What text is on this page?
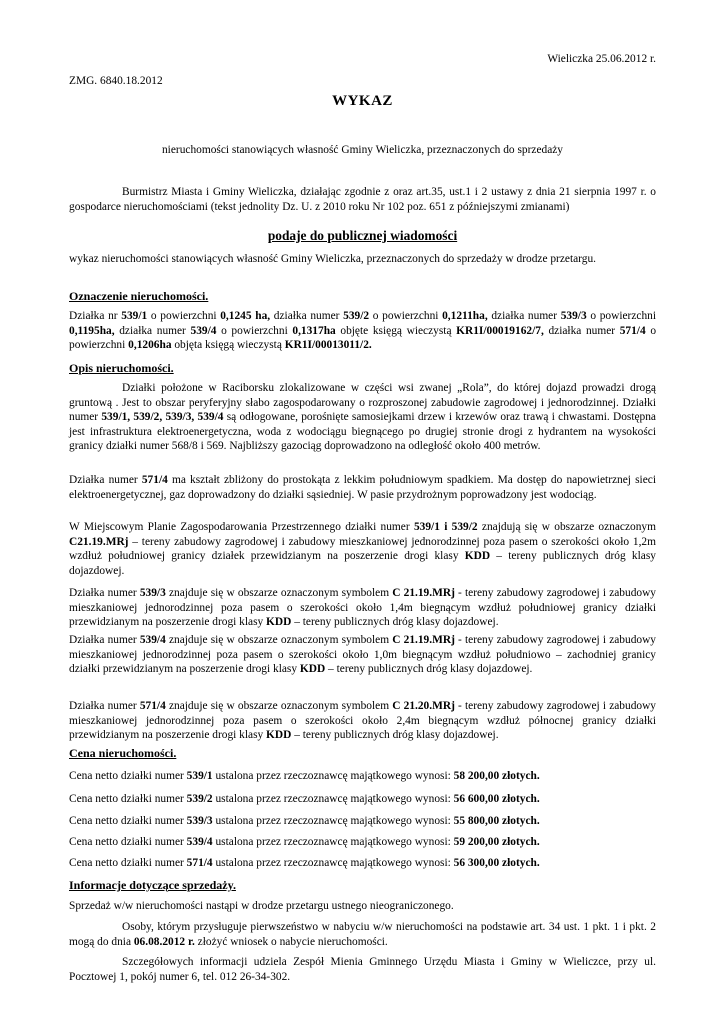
Wieliczka 25.06.2012 r.
ZMG. 6840.18.2012
WYKAZ
nieruchomości stanowiących własność Gminy Wieliczka, przeznaczonych do sprzedaży
Burmistrz Miasta i Gminy Wieliczka, działając zgodnie z oraz art.35, ust.1 i 2 ustawy z dnia 21 sierpnia 1997 r. o gospodarce nieruchomościami (tekst jednolity Dz. U. z 2010 roku Nr 102 poz. 651 z późniejszymi zmianami)
podaje do publicznej wiadomości
wykaz nieruchomości stanowiących własność Gminy Wieliczka, przeznaczonych do sprzedaży w drodze przetargu.
Oznaczenie nieruchomości.
Działka nr 539/1 o powierzchni 0,1245 ha, działka numer 539/2 o powierzchni 0,1211ha, działka numer 539/3 o powierzchni 0,1195ha, działka numer 539/4 o powierzchni 0,1317ha objęte księgą wieczystą KR1I/00019162/7, działka numer 571/4 o powierzchni 0,1206ha objęta księgą wieczystą KR1I/00013011/2.
Opis nieruchomości.
Działki położone w Raciborsku zlokalizowane w części wsi zwanej „Rola”, do której dojazd prowadzi drogą gruntową . Jest to obszar peryferyjny słabo zagospodarowany o rozproszonej zabudowie zagrodowej i jednorodzinnej. Działki numer 539/1, 539/2, 539/3, 539/4 są odłogowane, porośnięte samosiejkami drzew i krzewów oraz trawą i chwastami. Dostępna jest infrastruktura elektroenergetyczna, woda z wodociągu biegnącego po drugiej stronie drogi z hydrantem na wysokości granicy działki numer 568/8 i 569. Najbliższy gazociąg doprowadzono na odległość około 400 metrów.
Działka numer 571/4 ma kształt zbliżony do prostokąta z lekkim południowym spadkiem. Ma dostęp do napowietrznej sieci elektroenergetycznej, gaz doprowadzony do działki sąsiedniej. W pasie przydrożnym poprowadzony jest wodociąg.
W Miejscowym Planie Zagospodarowania Przestrzennego działki numer 539/1 i 539/2 znajdują się w obszarze oznaczonym C21.19.MRj – tereny zabudowy zagrodowej i zabudowy mieszkaniowej jednorodzinnej poza pasem o szerokości około 1,2m wzdłuż południowej granicy działek przewidzianym na poszerzenie drogi klasy KDD – tereny publicznych dróg klasy dojazdowej.
Działka numer 539/3 znajduje się w obszarze oznaczonym symbolem C 21.19.MRj - tereny zabudowy zagrodowej i zabudowy mieszkaniowej jednorodzinnej poza pasem o szerokości około 1,4m biegnącym wzdłuż południowej granicy działki przewidzianym na poszerzenie drogi klasy KDD – tereny publicznych dróg klasy dojazdowej.
Działka numer 539/4 znajduje się w obszarze oznaczonym symbolem C 21.19.MRj - tereny zabudowy zagrodowej i zabudowy mieszkaniowej jednorodzinnej poza pasem o szerokości około 1,0m biegnącym wzdłuż południowo – zachodniej granicy działki przewidzianym na poszerzenie drogi klasy KDD – tereny publicznych dróg klasy dojazdowej.
Działka numer 571/4 znajduje się w obszarze oznaczonym symbolem C 21.20.MRj - tereny zabudowy zagrodowej i zabudowy mieszkaniowej jednorodzinnej poza pasem o szerokości około 2,4m biegnącym wzdłuż północnej granicy działki przewidzianym na poszerzenie drogi klasy KDD – tereny publicznych dróg klasy dojazdowej.
Cena nieruchomości.
Cena netto działki numer 539/1 ustalona przez rzeczoznawcę majątkowego wynosi: 58 200,00 złotych.
Cena netto działki numer 539/2 ustalona przez rzeczoznawcę majątkowego wynosi: 56 600,00 złotych.
Cena netto działki numer 539/3 ustalona przez rzeczoznawcę majątkowego wynosi: 55 800,00 złotych.
Cena netto działki numer 539/4 ustalona przez rzeczoznawcę majątkowego wynosi: 59 200,00 złotych.
Cena netto działki numer 571/4 ustalona przez rzeczoznawcę majątkowego wynosi: 56 300,00 złotych.
Informacje dotyczące sprzedaży.
Sprzedaż w/w nieruchomości nastąpi w drodze przetargu ustnego nieograniczonego.
Osoby, którym przysługuje pierwszeństwo w nabyciu w/w nieruchomości na podstawie art. 34 ust. 1 pkt. 1 i pkt. 2 mogą do dnia 06.08.2012 r. złożyć wniosek o nabycie nieruchomości.
Szczegółowych informacji udziela Zespół Mienia Gminnego Urzędu Miasta i Gminy w Wieliczce, przy ul. Pocztowej 1, pokój numer 6, tel. 012 26-34-302.
